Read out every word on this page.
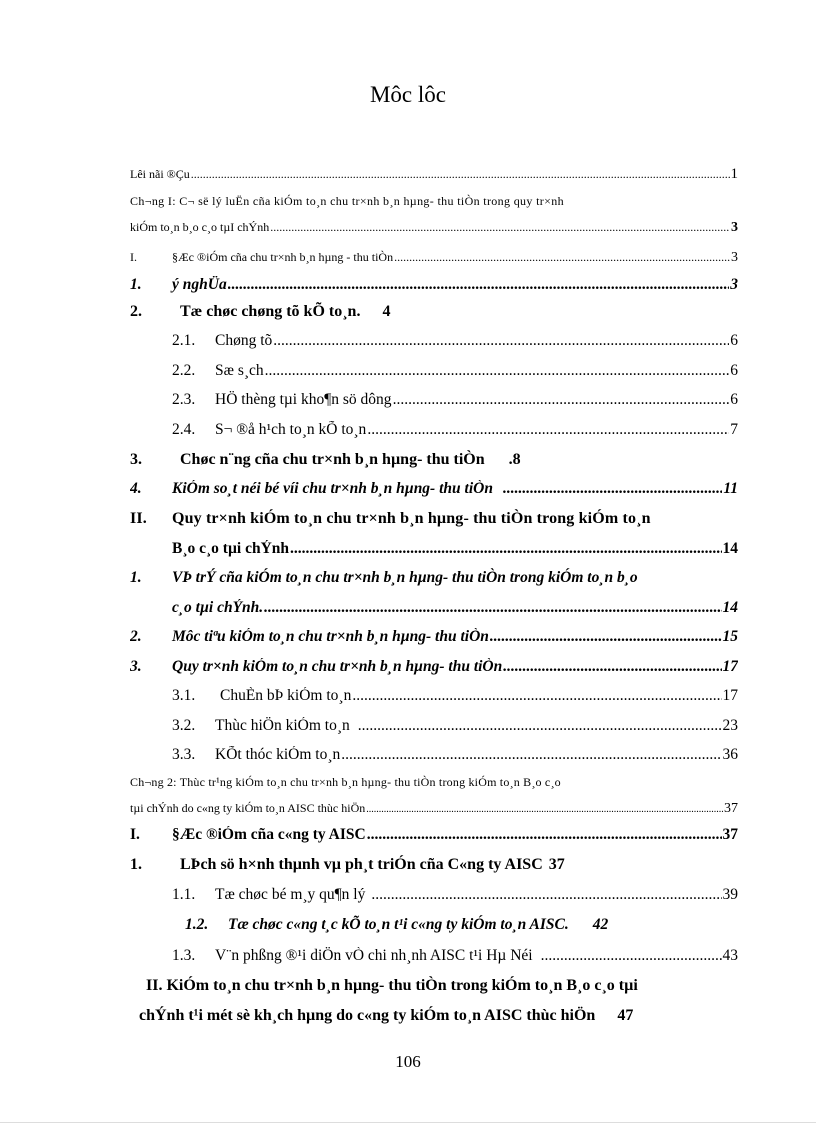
Môc lôc
Lêi nãi ®Çu .....	1
Ch¬ng I: C¬ së lý luËn cña kiÓm to¸n chu tr×nh b¸n hµng- thu tiÒn trong quy tr×nh
kiÓm to¸n b¸o c¸o tµI chÝnh .....	3
I.	§Æc ®iÓm cña chu tr×nh b¸n hµng - thu tiÒn .....	3
1.	ý nghÜa .....	3
2. Tæ chøc chøng tõ kÕ to¸n. 4
2.1.	Chøng tõ .....	6
2.2.	Sæ s¸ch .....	6
2.3.	HÖ thèng tµi kho¶n sö dông .....	6
2.4.	S¬ ®å h¹ch to¸n kÕ to¸n .....	7
3. Chøc n¨ng cña chu tr×nh b¸n hµng- thu tiÒn .8
4.	KiÓm so¸t néi bé víi chu tr×nh b¸n hµng- thu tiÒn .....	11
II. Quy tr×nh kiÓm to¸n chu tr×nh b¸n hµng- thu tiÒn trong kiÓm to¸n
B¸o c¸o tµi chÝnh .....	14
1. VÞ trÝ cña kiÓm to¸n chu tr×nh b¸n hµng- thu tiÒn trong kiÓm to¸n b¸o
c¸o tµi chÝnh. .....	14
2.	Môc tiªu kiÓm to¸n chu tr×nh b¸n hµng- thu tiÒn .....	15
3.	Quy tr×nh kiÓm to¸n chu tr×nh b¸n hµng- thu tiÒn .....	17
3.1.	ChuÈn bÞ kiÓm to¸n .....	17
3.2.	Thùc hiÖn kiÓm to¸n .....	23
3.3.	KÕt thóc kiÓm to¸n .....	36
Ch¬ng 2: Thùc tr¹ng kiÓm to¸n chu tr×nh b¸n hµng- thu tiÒn trong kiÓm to¸n B¸o c¸o
tµi chÝnh do c«ng ty kiÓm to¸n AISC thùc hiÖn .....	37
I.	§Æc ®iÓm cña c«ng ty AISC .....	37
1. LÞch sö h×nh thµnh vµ ph¸t triÓn cña C«ng ty AISC 37
1.1.	Tæ chøc bé m¸y qu¶n lý .....	39
1.2. Tæ chøc c«ng t¸c kÕ to¸n t¹i c«ng ty kiÓm to¸n AISC. 42
1.3.	V¨n phßng ®¹i diÖn vÒ chi nh¸nh AISC t¹i Hµ Néi .....	43
II. KiÓm to¸n chu tr×nh b¸n hµng- thu tiÒn trong kiÓm to¸n B¸o c¸o tµi
chÝnh t¹i mét sè kh¸ch hµng do c«ng ty kiÓm to¸n AISC thùc hiÖn 47
106
